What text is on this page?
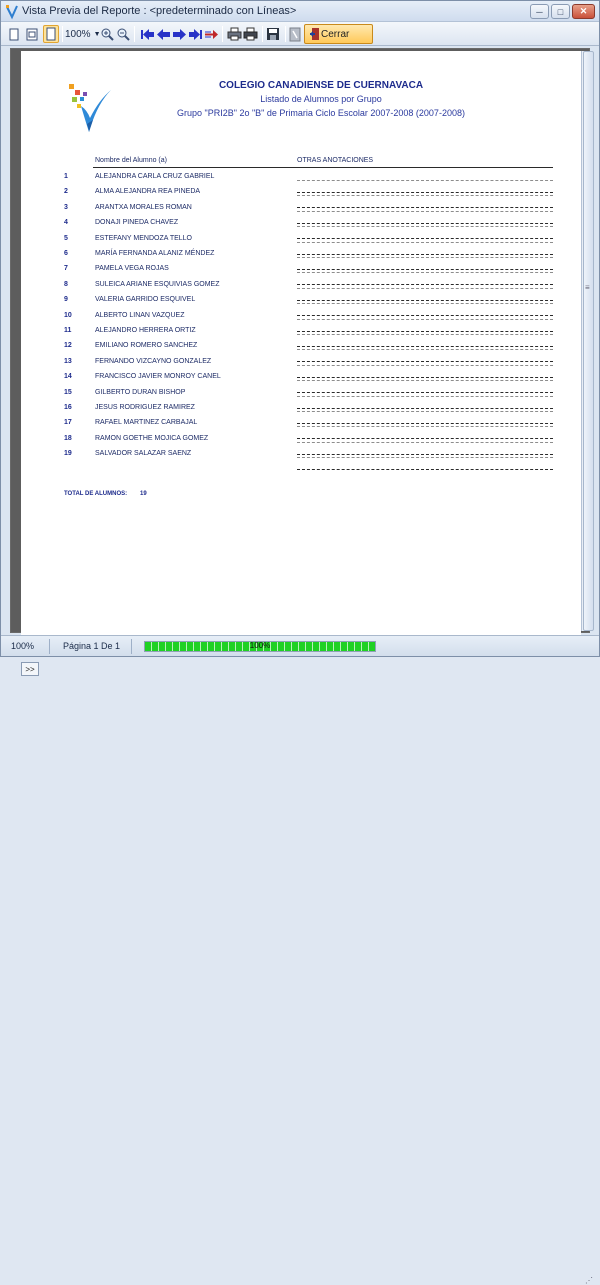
Vista Previa del Reporte : <predeterminado con Líneas>	─	□	✕
100% ▼	Cerrar
COLEGIO CANADIENSE DE CUERNAVACA
Listado de Alumnos por Grupo
Grupo "PRI2B" 2o "B" de Primaria Ciclo Escolar 2007-2008 (2007-2008)
Nombre del Alumno (a)	OTRAS ANOTACIONES
1	ALEJANDRA CARLA CRUZ GABRIEL
2	ALMA ALEJANDRA REA PINEDA
3	ARANTXA MORALES ROMAN
4	DONAJI PINEDA CHAVEZ
5	ESTEFANY MENDOZA TELLO
6	MARÍA FERNANDA ALANIZ MÉNDEZ
7	PAMELA VEGA ROJAS
8	SULEICA ARIANE ESQUIVIAS GOMEZ
9	VALERIA GARRIDO ESQUIVEL
10	ALBERTO LINAN VAZQUEZ
11	ALEJANDRO HERRERA ORTIZ
12	EMILIANO ROMERO SANCHEZ
13	FERNANDO VIZCAYNO GONZALEZ
14	FRANCISCO JAVIER MONROY CANEL
15	GILBERTO DURAN BISHOP
16	JESUS RODRIGUEZ RAMIREZ
17	RAFAEL MARTINEZ CARBAJAL
18	RAMON GOETHE MOJICA GOMEZ
19	SALVADOR SALAZAR SAENZ
TOTAL DE ALUMNOS: 19
>>
≡
100%	Página 1 De 1	100%
⋰
